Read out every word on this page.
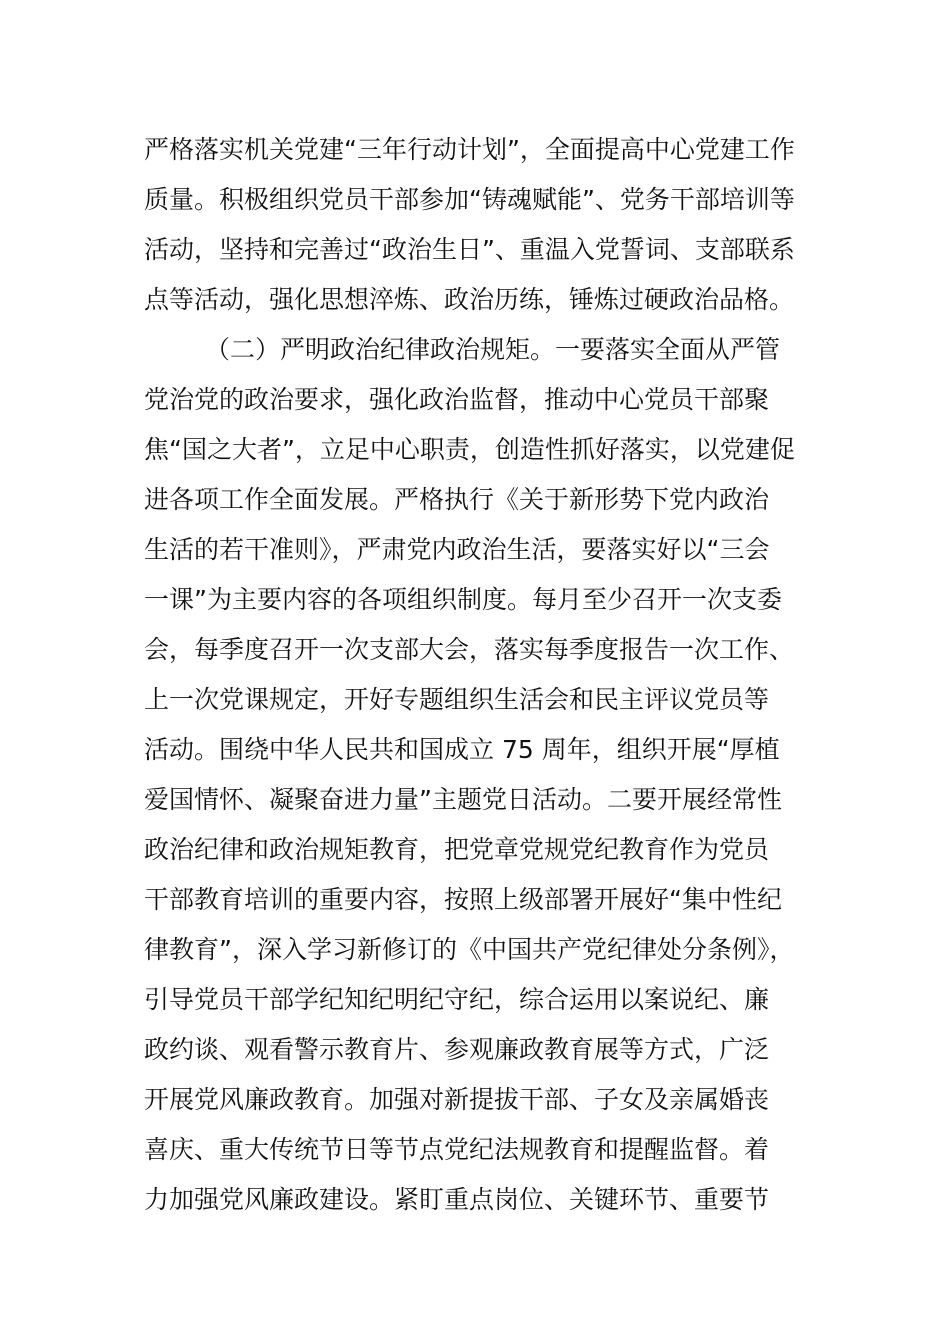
严格落实机关党建“三年行动计划”，全面提高中心党建工作
质量。积极组织党员干部参加“铸魂赋能”、党务干部培训等
活动，坚持和完善过“政治生日”、重温入党誓词、支部联系
点等活动，强化思想淬炼、政治历练，锤炼过硬政治品格。
（二）严明政治纪律政治规矩。一要落实全面从严管
党治党的政治要求，强化政治监督，推动中心党员干部聚
焦“国之大者”，立足中心职责，创造性抓好落实，以党建促
进各项工作全面发展。严格执行《关于新形势下党内政治
生活的若干准则》，严肃党内政治生活，要落实好以“三会
一课”为主要内容的各项组织制度。每月至少召开一次支委
会，每季度召开一次支部大会，落实每季度报告一次工作、
上一次党课规定，开好专题组织生活会和民主评议党员等
活动。围绕中华人民共和国成立 75 周年，组织开展“厚植
爱国情怀、凝聚奋进力量”主题党日活动。二要开展经常性
政治纪律和政治规矩教育，把党章党规党纪教育作为党员
干部教育培训的重要内容，按照上级部署开展好“集中性纪
律教育”，深入学习新修订的《中国共产党纪律处分条例》，
引导党员干部学纪知纪明纪守纪，综合运用以案说纪、廉
政约谈、观看警示教育片、参观廉政教育展等方式，广泛
开展党风廉政教育。加强对新提拔干部、子女及亲属婚丧
喜庆、重大传统节日等节点党纪法规教育和提醒监督。着
力加强党风廉政建设。紧盯重点岗位、关键环节、重要节
